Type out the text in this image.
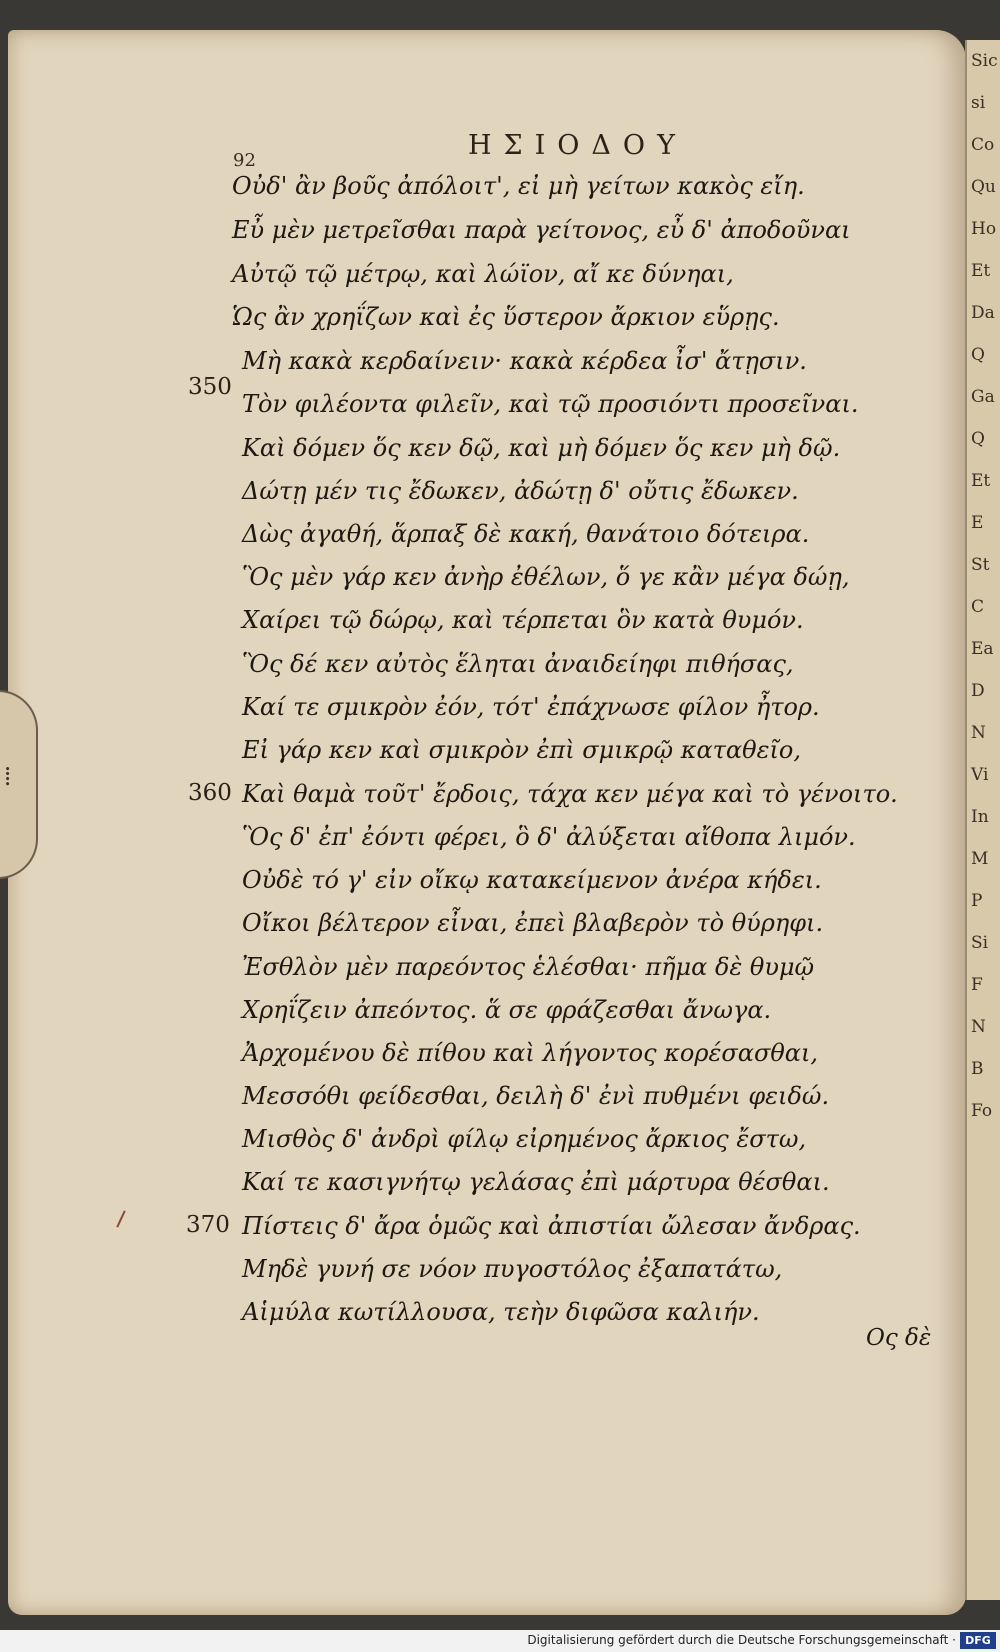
⁞
Sic
si
Co
Qu
Ho
Et
Da
Q
Ga
Q
Et
E
St
C
Ea
D
N
Vi
In
M
P
Si
F
N
B
Fo
ΗΣΙΟΔΟΥ
92
Οὐδ' ἂν βοῦς ἀπόλοιτ', εἰ μὴ γείτων κακὸς εἴη.
Εὖ μὲν μετρεῖσθαι παρὰ γείτονος, εὖ δ' ἀποδοῦναι
Αὐτῷ τῷ μέτρῳ, καὶ λώϊον, αἴ κε δύνηαι,
Ὡς ἂν χρηΐζων καὶ ἐς ὕστερον ἄρκιον εὕρῃς.
350
Μὴ κακὰ κερδαίνειν· κακὰ κέρδεα ἶσ' ἄτῃσιν.
Τὸν φιλέοντα φιλεῖν, καὶ τῷ προσιόντι προσεῖναι.
Καὶ δόμεν ὅς κεν δῷ, καὶ μὴ δόμεν ὅς κεν μὴ δῷ.
Δώτῃ μέν τις ἔδωκεν, ἀδώτῃ δ' οὔτις ἔδωκεν.
Δὼς ἀγαθή, ἅρπαξ δὲ κακή, θανάτοιο δότειρα.
Ὃς μὲν γάρ κεν ἀνὴρ ἐθέλων, ὅ γε κἂν μέγα δώῃ,
Χαίρει τῷ δώρῳ, καὶ τέρπεται ὃν κατὰ θυμόν.
Ὃς δέ κεν αὐτὸς ἕληται ἀναιδείηφι πιθήσας,
Καί τε σμικρὸν ἐόν, τότ' ἐπάχνωσε φίλον ἦτορ.
Εἰ γάρ κεν καὶ σμικρὸν ἐπὶ σμικρῷ καταθεῖο,
360 Καὶ θαμὰ τοῦτ' ἔρδοις, τάχα κεν μέγα καὶ τὸ γένοιτο.
Ὃς δ' ἐπ' ἐόντι φέρει, ὃ δ' ἀλύξεται αἴθοπα λιμόν.
Οὐδὲ τό γ' εἰν οἴκῳ κατακείμενον ἀνέρα κήδει.
Οἴκοι βέλτερον εἶναι, ἐπεὶ βλαβερὸν τὸ θύρηφι.
Ἐσθλὸν μὲν παρεόντος ἑλέσθαι· πῆμα δὲ θυμῷ
Χρηΐζειν ἀπεόντος. ἅ σε φράζεσθαι ἄνωγα.
Ἀρχομένου δὲ πίθου καὶ λήγοντος κορέσασθαι,
Μεσσόθι φείδεσθαι, δειλὴ δ' ἐνὶ πυθμένι φειδώ.
Μισθὸς δ' ἀνδρὶ φίλῳ εἰρημένος ἄρκιος ἔστω,
Καί τε κασιγνήτῳ γελάσας ἐπὶ μάρτυρα θέσθαι.
370 Πίστεις δ' ἄρα ὁμῶς καὶ ἀπιστίαι ὤλεσαν ἄνδρας.
Μηδὲ γυνή σε νόον πυγοστόλος ἐξαπατάτω,
Αἱμύλα κωτίλλουσα, τεὴν διφῶσα καλιήν.
Ος δὲ
Digitalisierung gefördert durch die Deutsche Forschungsgemeinschaft · DFG
